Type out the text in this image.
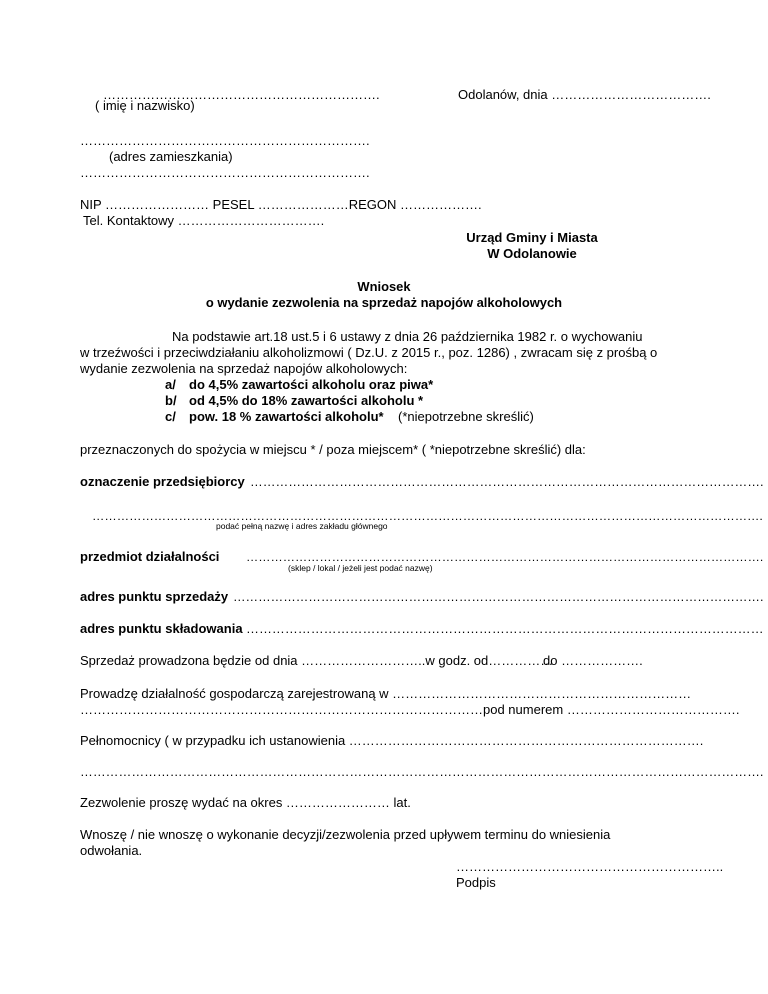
……………………………………………………….
( imię i nazwisko)
Odolanów, dnia ……………………………….
………………………………………………………….
(adres zamieszkania)
………………………………………………………….
NIP …………………… PESEL …………………REGON ……………….
Tel. Kontaktowy …………………………….
Urząd Gminy i Miasta
W Odolanowie
Wniosek
o wydanie zezwolenia na sprzedaż napojów alkoholowych
Na podstawie art.18 ust.5 i 6 ustawy z dnia 26 października 1982 r. o wychowaniu
w trzeźwości i przeciwdziałaniu alkoholizmowi ( Dz.U. z 2015 r., poz. 1286) , zwracam się z prośbą o
wydanie zezwolenia na sprzedaż napojów alkoholowych:
a/ do 4,5% zawartości alkoholu oraz piwa*
b/ od 4,5% do 18% zawartości alkoholu *
c/ pow. 18 % zawartości alkoholu* (*niepotrzebne skreślić)
przeznaczonych do spożycia w miejscu * / poza miejscem* ( *niepotrzebne skreślić) dla:
oznaczenie przedsiębiorcy ………………………………………………………………………………………………………….
……………………………………………………………………………………………………………………………………………….
podać pełną nazwę i adres zakładu głównego
przedmiot działalności ……………………………………………………………………………………………………………….
(sklep / lokal / jeżeli jest podać nazwę)
adres punktu sprzedaży ……………………………………………………………………………………………………………….
adres punktu składowania …………………………………………………………………………………………………………
Sprzedaż prowadzona będzie od dnia ………………………..w godz. od……………
do ……………….
Prowadzę działalność gospodarczą zarejestrowaną w ……………………………………………………………
…………………………………………………………………………………pod numerem ………………………………….
Pełnomocnicy ( w przypadku ich ustanowienia ……………………………………………………………………….
…………………………………………………………………………………………………………………………………………….
Zezwolenie proszę wydać na okres …………………… lat.
Wnoszę / nie wnoszę o wykonanie decyzji/zezwolenia przed upływem terminu do wniesienia
odwołania.
……………………………………………………..
Podpis
